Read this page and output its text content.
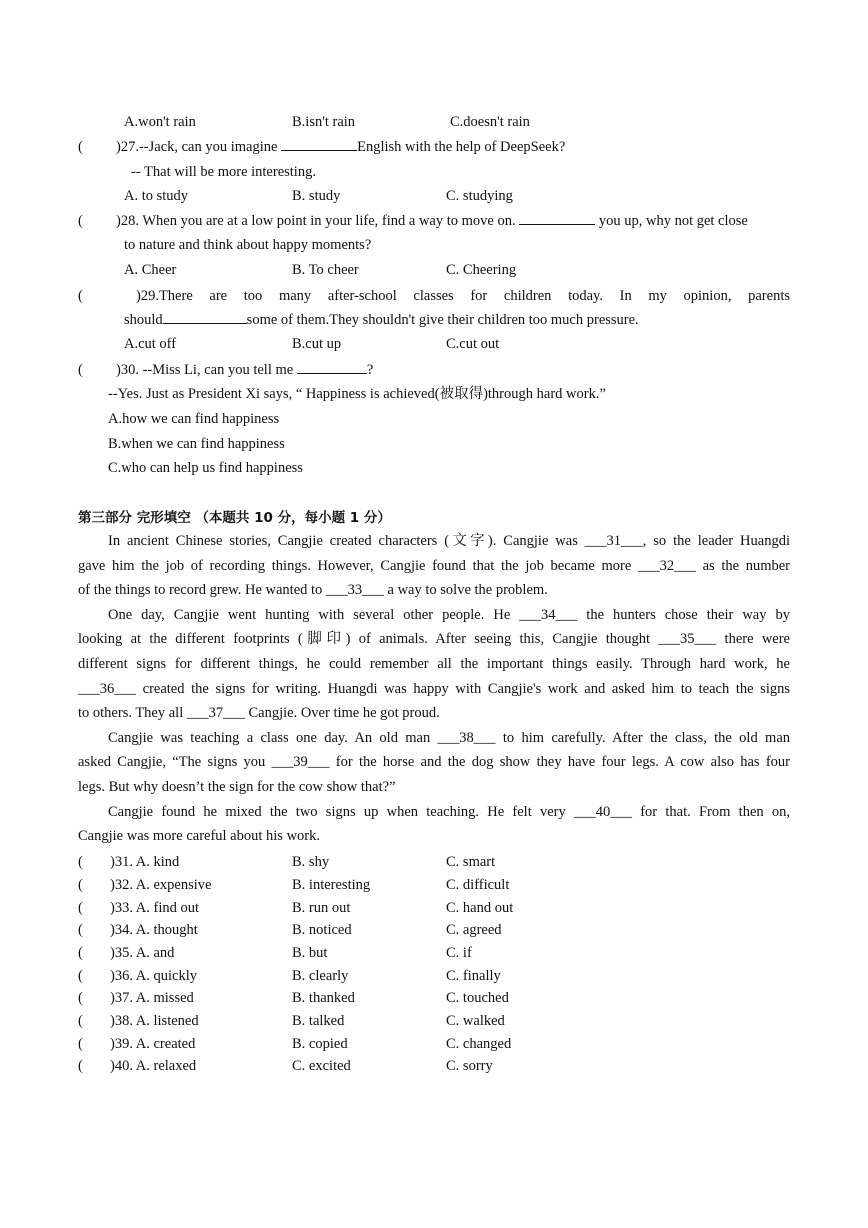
A.won't rain	B.isn't rain	C.doesn't rain
( )27.--Jack, can you imagine	English with the help of DeepSeek?
-- That will be more interesting.
A. to study	B. study	C. studying
( )28. When you are at a low point in your life, find a way to move on.	you up, why not get close
to nature and think about happy moments?
A. Cheer	B. To cheer	C. Cheering
(	)29.There are too many after-school classes for children today. In my opinion, parents
should	some of them.They shouldn't give their children too much pressure.
A.cut off	B.cut up	C.cut out
( )30. --Miss Li, can you tell me	?
--Yes. Just as President Xi says, “ Happiness is achieved(被取得)through hard work.”
A.how we can find happiness
B.when we can find happiness
C.who can help us find happiness
第三部分 完形填空 （本题共 10 分，每小题 1 分）
In ancient Chinese stories, Cangjie created characters (文字). Cangjie was ___31___, so the leader Huangdi
gave him the job of recording things. However, Cangjie found that the job became more ___32___ as the number
of the things to record grew. He wanted to ___33___ a way to solve the problem.
One day, Cangjie went hunting with several other people. He ___34___ the hunters chose their way by
looking at the different footprints (脚印) of animals. After seeing this, Cangjie thought ___35___ there were
different signs for different things, he could remember all the important things easily. Through hard work, he
___36___ created the signs for writing. Huangdi was happy with Cangjie's work and asked him to teach the signs
to others. They all ___37___ Cangjie. Over time he got proud.
Cangjie was teaching a class one day. An old man ___38___ to him carefully. After the class, the old man
asked Cangjie, “The signs you ___39___ for the horse and the dog show they have four legs. A cow also has four
legs. But why doesn’t the sign for the cow show that?”
Cangjie found he mixed the two signs up when teaching. He felt very ___40___ for that. From then on,
Cangjie was more careful about his work.
( )31. A. kind	B. shy	C. smart
( )32. A. expensive	B. interesting	C. difficult
( )33. A. find out	B. run out	C. hand out
( )34. A. thought	B. noticed	C. agreed
( )35. A. and	B. but	C. if
( )36. A. quickly	B. clearly	C. finally
( )37. A. missed	B. thanked	C. touched
( )38. A. listened	B. talked	C. walked
( )39. A. created	B. copied	C. changed
( )40. A. relaxed	C. excited	C. sorry
